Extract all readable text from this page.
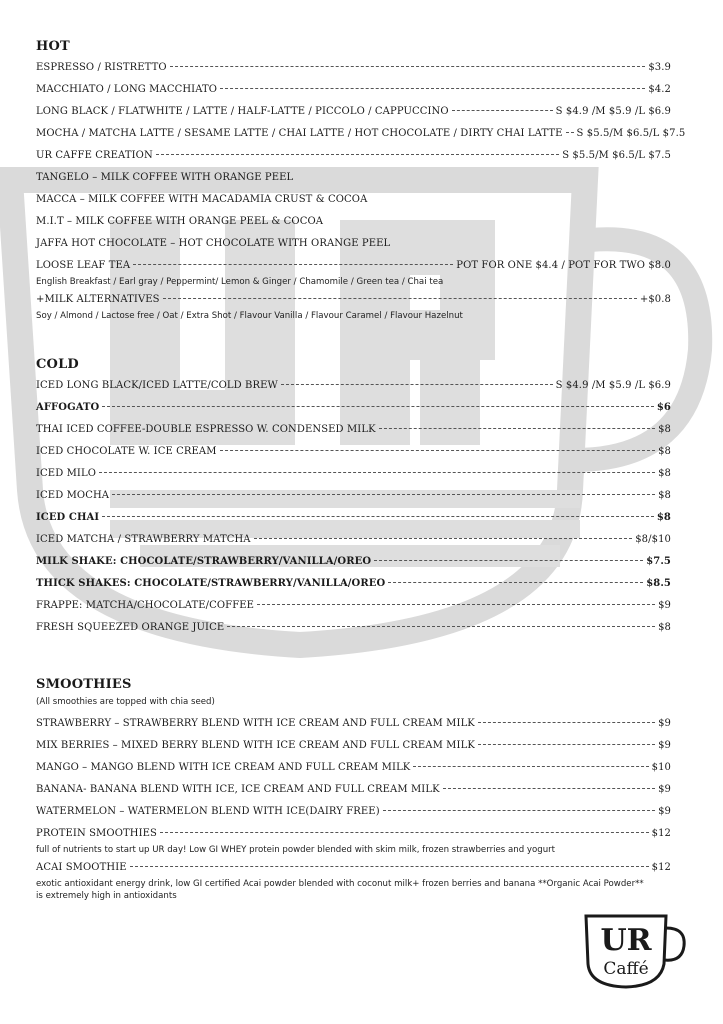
HOT
ESPRESSO / RISTRETTO	$3.9
MACCHIATO / LONG MACCHIATO	$4.2
LONG BLACK / FLATWHITE / LATTE / HALF-LATTE / PICCOLO / CAPPUCCINO	S $4.9 /M $5.9 /L $6.9
MOCHA / MATCHA LATTE / SESAME LATTE / CHAI LATTE / HOT CHOCOLATE / DIRTY CHAI LATTE S $5.5/M $6.5/L $7.5
UR CAFFE CREATION	S $5.5/M $6.5/L $7.5
TANGELO – MILK COFFEE WITH ORANGE PEEL
MACCA – MILK COFFEE WITH MACADAMIA CRUST & COCOA
M.I.T – MILK COFFEE WITH ORANGE PEEL & COCOA
JAFFA HOT CHOCOLATE – HOT CHOCOLATE WITH ORANGE PEEL
LOOSE LEAF TEA	POT FOR ONE $4.4 / POT FOR TWO $8.0
English Breakfast / Earl gray / Peppermint/ Lemon & Ginger / Chamomile / Green tea / Chai tea
+MILK ALTERNATIVES	+$0.8
Soy / Almond / Lactose free / Oat / Extra Shot / Flavour Vanilla / Flavour Caramel / Flavour Hazelnut
COLD
ICED LONG BLACK/ICED LATTE/COLD BREW	S $4.9 /M $5.9 /L $6.9
AFFOGATO	$6
THAI ICED COFFEE-DOUBLE ESPRESSO W. CONDENSED MILK	$8
ICED CHOCOLATE W. ICE CREAM	$8
ICED MILO	$8
ICED MOCHA	$8
ICED CHAI	$8
ICED MATCHA / STRAWBERRY MATCHA	$8/$10
MILK SHAKE: CHOCOLATE/STRAWBERRY/VANILLA/OREO	$7.5
THICK SHAKES: CHOCOLATE/STRAWBERRY/VANILLA/OREO	$8.5
FRAPPE: MATCHA/CHOCOLATE/COFFEE	$9
FRESH SQUEEZED ORANGE JUICE	$8
SMOOTHIES
(All smoothies are topped with chia seed)
STRAWBERRY – STRAWBERRY BLEND WITH ICE CREAM AND FULL CREAM MILK	$9
MIX BERRIES – MIXED BERRY BLEND WITH ICE CREAM AND FULL CREAM MILK	$9
MANGO – MANGO BLEND WITH ICE CREAM AND FULL CREAM MILK	$10
BANANA- BANANA BLEND WITH ICE, ICE CREAM AND FULL CREAM MILK	$9
WATERMELON – WATERMELON BLEND WITH ICE(DAIRY FREE)	$9
PROTEIN SMOOTHIES	$12
full of nutrients to start up UR day! Low GI WHEY protein powder blended with skim milk, frozen strawberries and yogurt
ACAI SMOOTHIE	$12
exotic antioxidant energy drink, low GI certified Acai powder blended with coconut milk+ frozen berries and banana **Organic Acai Powder**
is extremely high in antioxidants
UR
Caffé
